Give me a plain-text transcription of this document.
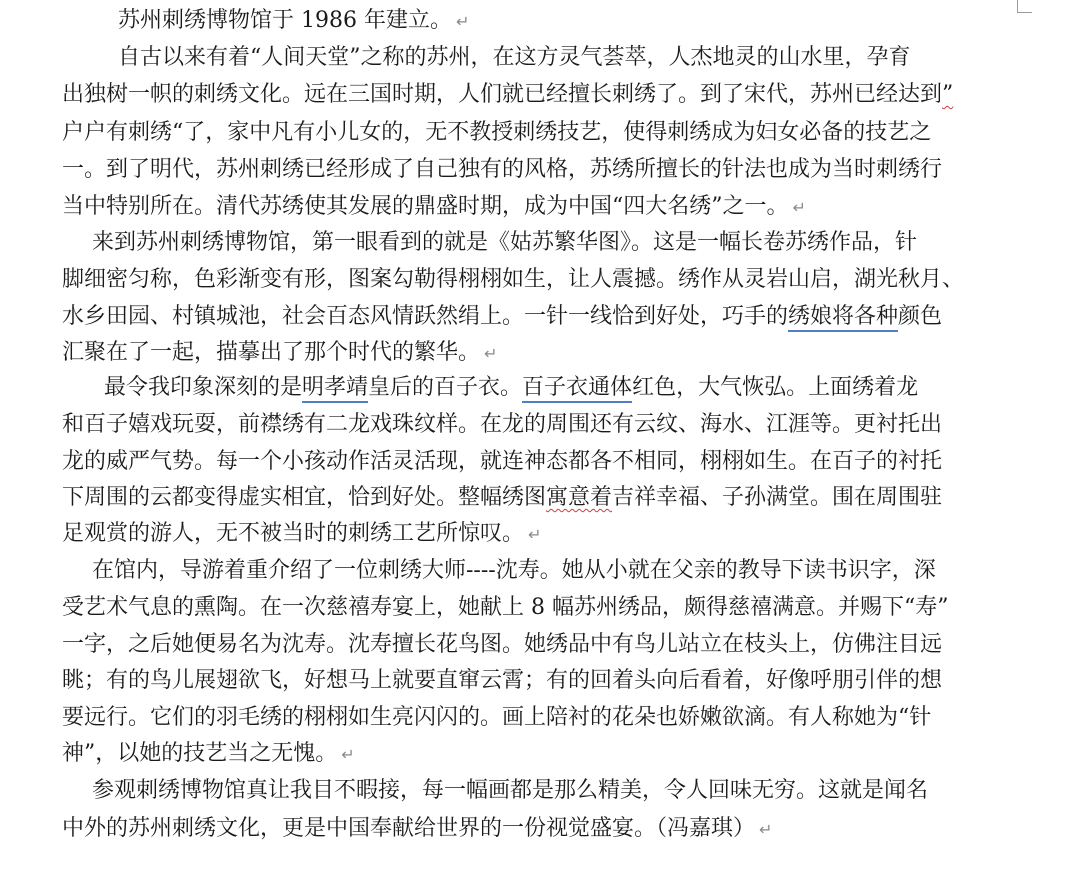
苏州刺绣博物馆于 1986 年建立。 ↵

自古以来有着“人间天堂”之称的苏州，在这方灵气荟萃，人杰地灵的山水里，孕育

出独树一帜的刺绣文化。远在三国时期，人们就已经擅长刺绣了。到了宋代，苏州已经达到”

户户有刺绣“了，家中凡有小儿女的，无不教授刺绣技艺，使得刺绣成为妇女必备的技艺之

一。到了明代，苏州刺绣已经形成了自己独有的风格，苏绣所擅长的针法也成为当时刺绣行

当中特别所在。清代苏绣使其发展的鼎盛时期，成为中国“四大名绣”之一。 ↵

来到苏州刺绣博物馆，第一眼看到的就是《姑苏繁华图》。这是一幅长卷苏绣作品，针

脚细密匀称，色彩渐变有形，图案勾勒得栩栩如生，让人震撼。绣作从灵岩山启，湖光秋月、

水乡田园、村镇城池，社会百态风情跃然绢上。一针一线恰到好处，巧手的绣娘将各种颜色

汇聚在了一起，描摹出了那个时代的繁华。 ↵

最令我印象深刻的是明孝靖皇后的百子衣。百子衣通体红色，大气恢弘。上面绣着龙

和百子嬉戏玩耍，前襟绣有二龙戏珠纹样。在龙的周围还有云纹、海水、江涯等。更衬托出

龙的威严气势。每一个小孩动作活灵活现，就连神态都各不相同，栩栩如生。在百子的衬托

下周围的云都变得虚实相宜，恰到好处。整幅绣图寓意着吉祥幸福、子孙满堂。围在周围驻

足观赏的游人，无不被当时的刺绣工艺所惊叹。 ↵

在馆内，导游着重介绍了一位刺绣大师----沈寿。她从小就在父亲的教导下读书识字，深

受艺术气息的熏陶。在一次慈禧寿宴上，她献上 8 幅苏州绣品，颇得慈禧满意。并赐下“寿”

一字，之后她便易名为沈寿。沈寿擅长花鸟图。她绣品中有鸟儿站立在枝头上，仿佛注目远

眺；有的鸟儿展翅欲飞，好想马上就要直窜云霄；有的回着头向后看着，好像呼朋引伴的想

要远行。它们的羽毛绣的栩栩如生亮闪闪的。画上陪衬的花朵也娇嫩欲滴。有人称她为“针

神”，以她的技艺当之无愧。 ↵

参观刺绣博物馆真让我目不暇接，每一幅画都是那么精美，令人回味无穷。这就是闻名

中外的苏州刺绣文化，更是中国奉献给世界的一份视觉盛宴。（冯嘉琪） ↵
